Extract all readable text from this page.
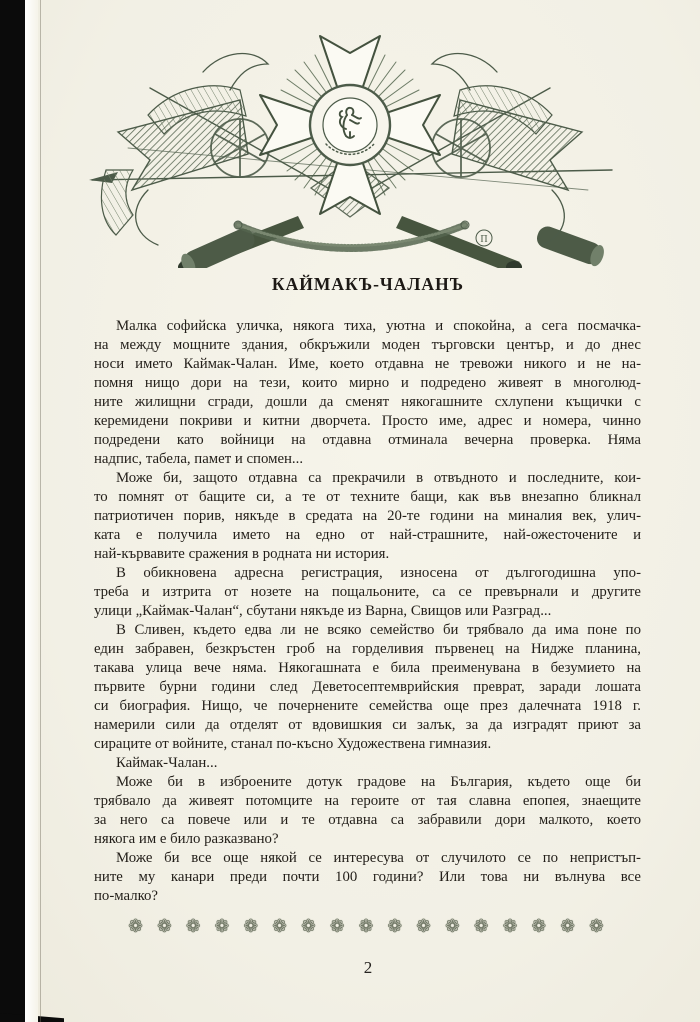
П
КАЙМАКЪ-ЧАЛАНЪ
Малка софийска уличка, някога тиха, уютна и спокойна, а сега посмачка-
на между мощните здания, обкръжили моден търговски център, и до днес
носи името Каймак-Чалан. Име, което отдавна не тревожи никого и не на-
помня нищо дори на тези, които мирно и подредено живеят в многолюд-
ните жилищни сгради, дошли да сменят някогашните схлупени къщички с
керемидени покриви и китни дворчета. Просто име, адрес и номера, чинно
подредени като войници на отдавна отминала вечерна проверка. Няма
надпис, табела, памет и спомен...
Може би, защото отдавна са прекрачили в отвъдното и последните, кои-
то помнят от бащите си, а те от техните бащи, как във внезапно бликнал
патриотичен порив, някъде в средата на 20-те години на миналия век, улич-
ката е получила името на едно от най-страшните, най-ожесточените и
най-кървавите сражения в родната ни история.
В обикновена адресна регистрация, износена от дългогодишна упо-
треба и изтрита от нозете на пощальоните, са се превърнали и другите
улици „Каймак-Чалан“, сбутани някъде из Варна, Свищов или Разград...
В Сливен, където едва ли не всяко семейство би трябвало да има поне по
един забравен, безкръстен гроб на горделивия първенец на Нидже планина,
такава улица вече няма. Някогашната е била преименувана в безумието на
първите бурни години след Деветосептемврийския преврат, заради лошата
си биография. Нищо, че почернените семейства още през далечната 1918 г.
намерили сили да отделят от вдовишкия си залък, за да изградят приют за
сираците от войните, станал по-късно Художествена гимназия.
Каймак-Чалан...
Може би в изброените дотук градове на България, където още би
трябвало да живеят потомците на героите от тая славна епопея, знаещите
за него са повече или и те отдавна са забравили дори малкото, което
някога им е било разказвано?
Може би все още някой се интересува от случилото се по непристъп-
ните му канари преди почти 100 години? Или това ни вълнува все
по-малко?
❁ ❁ ❁ ❁ ❁ ❁ ❁ ❁ ❁ ❁ ❁ ❁ ❁ ❁ ❁ ❁ ❁
2
